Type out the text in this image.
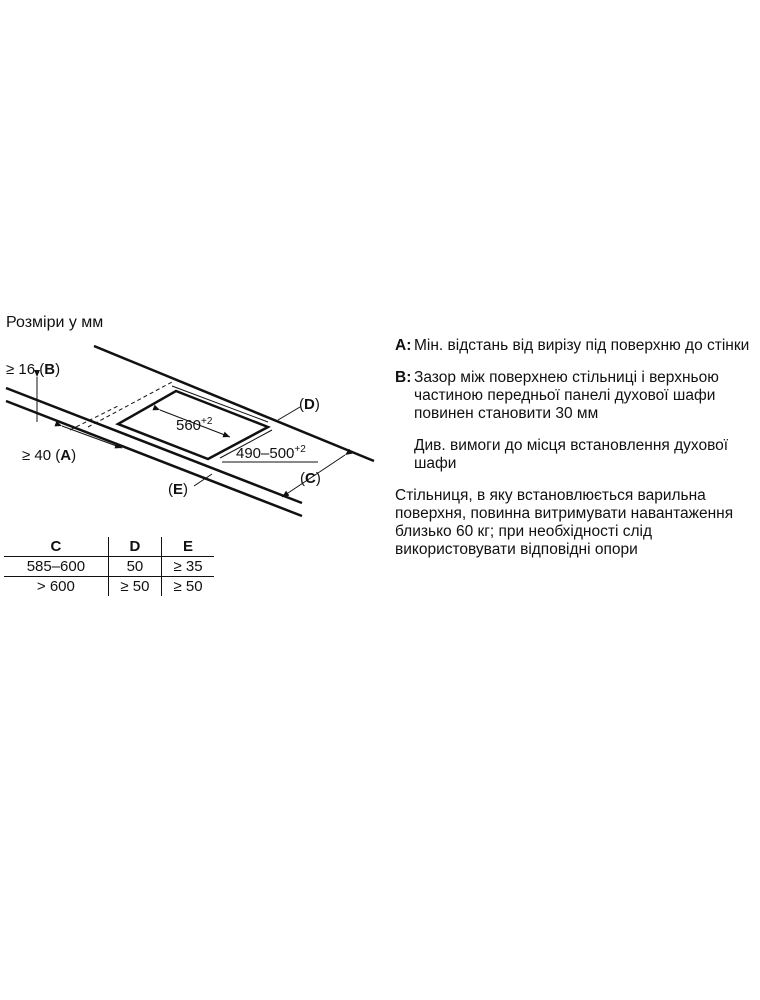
Розміри у мм
≥ 16 (B)
≥ 40 (A)
(E)
(D)
(C)
$560^{+2}$
$490-500^{+2}$
C	D	E
585–600	50	≥ 35
> 600	≥ 50	≥ 50
A: Мін. відстань від вирізу під поверхню до стінки
B: Зазор між поверхнею стільниці і верхньою частиною передньої панелі духової шафи повинен становити 30 мм
Див. вимоги до місця встановлення духової шафи
Стільниця, в яку встановлюється варильна поверхня, повинна витримувати навантаження близько 60 кг; при необхідності слід використовувати відповідні опори
